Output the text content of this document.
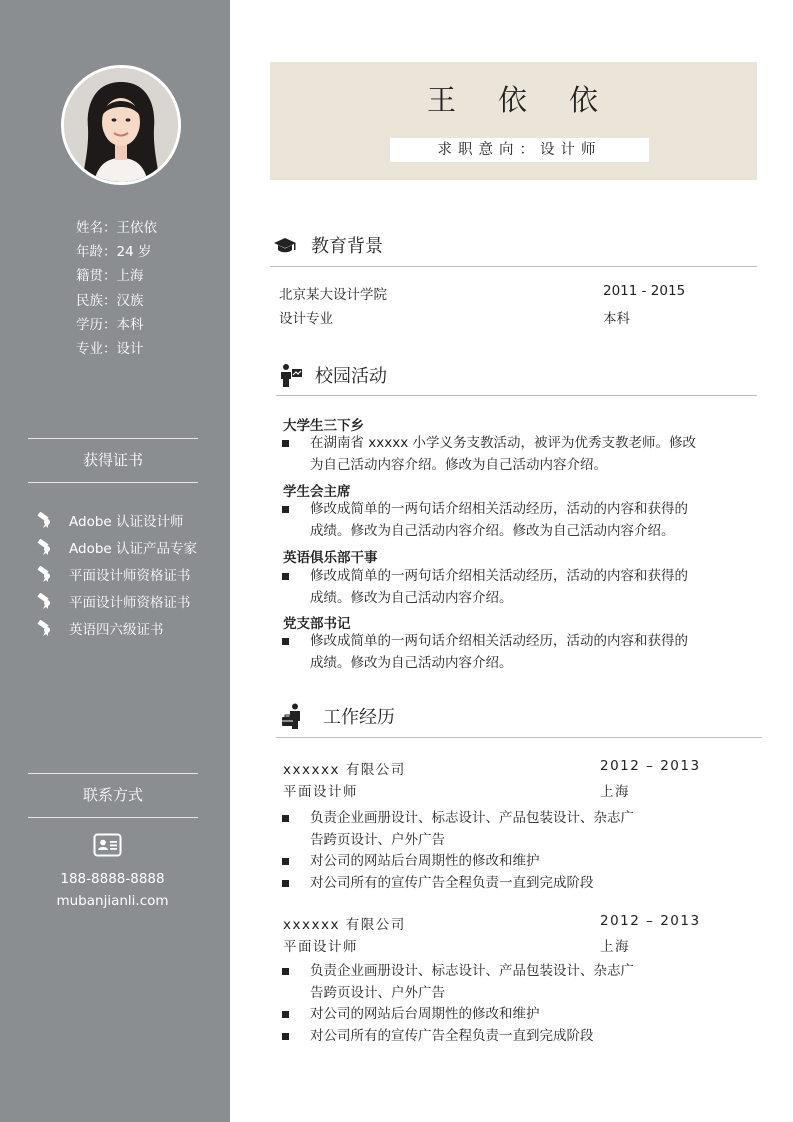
姓名：王依依
年龄：24 岁
籍贯：上海
民族：汉族
学历：本科
专业：设计
获得证书
Adobe 认证设计师
Adobe 认证产品专家
平面设计师资格证书
平面设计师资格证书
英语四六级证书
联系方式
188-8888-8888
mubanjianli.com
王 依 依
求职意向：设计师
教育背景
北京某大设计学院	2011 - 2015
设计专业	本科
校园活动
大学生三下乡
在湖南省 xxxxx 小学义务支教活动，被评为优秀支教老师。修改
为自己活动内容介绍。修改为自己活动内容介绍。
学生会主席
修改成简单的一两句话介绍相关活动经历，活动的内容和获得的
成绩。修改为自己活动内容介绍。修改为自己活动内容介绍。
英语俱乐部干事
修改成简单的一两句话介绍相关活动经历，活动的内容和获得的
成绩。修改为自己活动内容介绍。
党支部书记
修改成简单的一两句话介绍相关活动经历，活动的内容和获得的
成绩。修改为自己活动内容介绍。
工作经历
xxxxxx 有限公司	2012 – 2013
平面设计师	上海
负责企业画册设计、标志设计、产品包装设计、杂志广
告跨页设计、户外广告
对公司的网站后台周期性的修改和维护
对公司所有的宣传广告全程负责一直到完成阶段
xxxxxx 有限公司	2012 – 2013
平面设计师	上海
负责企业画册设计、标志设计、产品包装设计、杂志广
告跨页设计、户外广告
对公司的网站后台周期性的修改和维护
对公司所有的宣传广告全程负责一直到完成阶段
